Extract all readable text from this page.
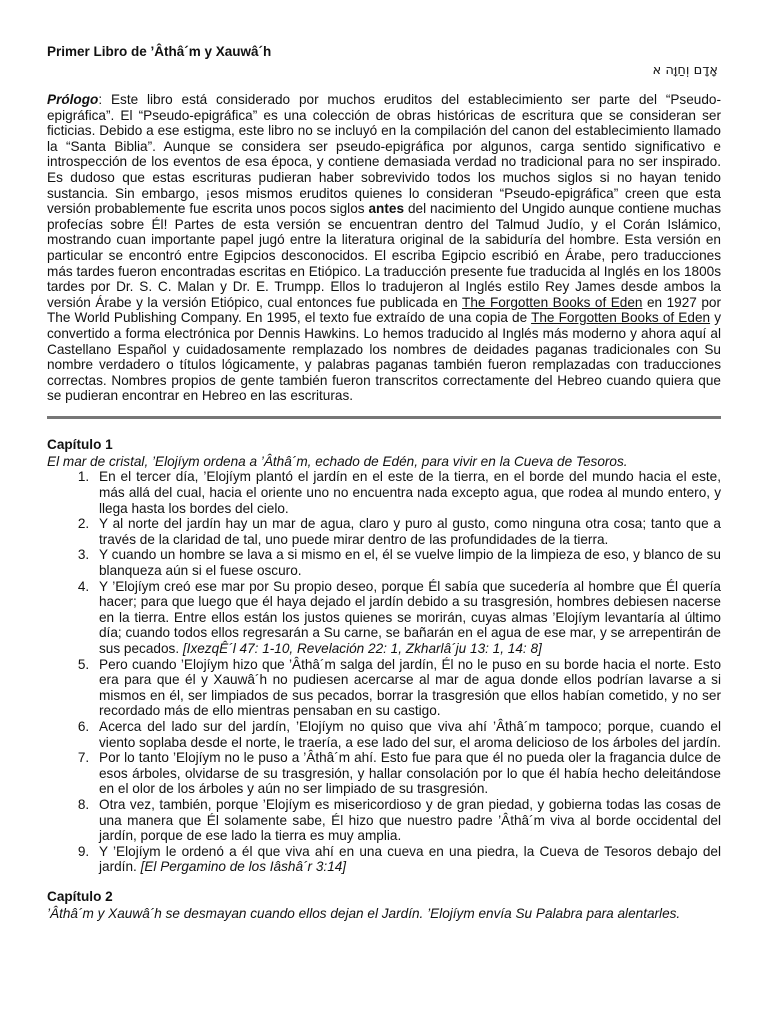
Primer Libro de ’Âthâ´m y Xauwâ´h

אָדָם וְחַוָּה א

Prólogo: Este libro está considerado por muchos eruditos del establecimiento ser parte del “Pseudo-epigráfica”. El “Pseudo-epigráfica” es una colección de obras históricas de escritura que se consideran ser ficticias. Debido a ese estigma, este libro no se incluyó en la compilación del canon del establecimiento llamado la “Santa Biblia”. Aunque se considera ser pseudo-epigráfica por algunos, carga sentido significativo e introspección de los eventos de esa época, y contiene demasiada verdad no tradicional para no ser inspirado. Es dudoso que estas escrituras pudieran haber sobrevivido todos los muchos siglos si no hayan tenido sustancia. Sin embargo, ¡esos mismos eruditos quienes lo consideran “Pseudo-epigráfica” creen que esta versión probablemente fue escrita unos pocos siglos antes del nacimiento del Ungido aunque contiene muchas profecías sobre Él! Partes de esta versión se encuentran dentro del Talmud Judío, y el Corán Islámico, mostrando cuan importante papel jugó entre la literatura original de la sabiduría del hombre. Esta versión en particular se encontró entre Egipcios desconocidos. El escriba Egipcio escribió en Árabe, pero traducciones más tardes fueron encontradas escritas en Etiópico. La traducción presente fue traducida al Inglés en los 1800s tardes por Dr. S. C. Malan y Dr. E. Trumpp. Ellos lo tradujeron al Inglés estilo Rey James desde ambos la versión Árabe y la versión Etiópico, cual entonces fue publicada en The Forgotten Books of Eden en 1927 por The World Publishing Company. En 1995, el texto fue extraído de una copia de The Forgotten Books of Eden y convertido a forma electrónica por Dennis Hawkins. Lo hemos traducido al Inglés más moderno y ahora aquí al Castellano Español y cuidadosamente remplazado los nombres de deidades paganas tradicionales con Su nombre verdadero o títulos lógicamente, y palabras paganas también fueron remplazadas con traducciones correctas. Nombres propios de gente también fueron transcritos correctamente del Hebreo cuando quiera que se pudieran encontrar en Hebreo en las escrituras.

Capítulo 1

El mar de cristal, ’Elojíym ordena a ’Âthâ´m, echado de Edén, para vivir en la Cueva de Tesoros.

1. En el tercer día, ’Elojíym plantó el jardín en el este de la tierra, en el borde del mundo hacia el este, más allá del cual, hacia el oriente uno no encuentra nada excepto agua, que rodea al mundo entero, y llega hasta los bordes del cielo.
2. Y al norte del jardín hay un mar de agua, claro y puro al gusto, como ninguna otra cosa; tanto que a través de la claridad de tal, uno puede mirar dentro de las profundidades de la tierra.
3. Y cuando un hombre se lava a si mismo en el, él se vuelve limpio de la limpieza de eso, y blanco de su blanqueza aún si el fuese oscuro.
4. Y ’Elojíym creó ese mar por Su propio deseo, porque Él sabía que sucedería al hombre que Él quería hacer; para que luego que él haya dejado el jardín debido a su trasgresión, hombres debiesen nacerse en la tierra. Entre ellos están los justos quienes se morirán, cuyas almas ’Elojíym levantaría al último día; cuando todos ellos regresarán a Su carne, se bañarán en el agua de ese mar, y se arrepentirán de sus pecados. [IxezqÊ´l 47: 1-10, Revelación 22: 1, Zkharlâ´ju 13: 1, 14: 8]
5. Pero cuando ’Elojíym hizo que ’Âthâ´m salga del jardín, Él no le puso en su borde hacia el norte. Esto era para que él y Xauwâ´h no pudiesen acercarse al mar de agua donde ellos podrían lavarse a si mismos en él, ser limpiados de sus pecados, borrar la trasgresión que ellos habían cometido, y no ser recordado más de ello mientras pensaban en su castigo.
6. Acerca del lado sur del jardín, ’Elojíym no quiso que viva ahí ’Âthâ´m tampoco; porque, cuando el viento soplaba desde el norte, le traería, a ese lado del sur, el aroma delicioso de los árboles del jardín.
7. Por lo tanto ’Elojíym no le puso a ’Âthâ´m ahí. Esto fue para que él no pueda oler la fragancia dulce de esos árboles, olvidarse de su trasgresión, y hallar consolación por lo que él había hecho deleitándose en el olor de los árboles y aún no ser limpiado de su trasgresión.
8. Otra vez, también, porque ’Elojíym es misericordioso y de gran piedad, y gobierna todas las cosas de una manera que Él solamente sabe, Él hizo que nuestro padre ’Âthâ´m viva al borde occidental del jardín, porque de ese lado la tierra es muy amplia.
9. Y ’Elojíym le ordenó a él que viva ahí en una cueva en una piedra, la Cueva de Tesoros debajo del jardín. [El Pergamino de los Iâshâ´r 3:14]

Capítulo 2

’Âthâ´m y Xauwâ´h se desmayan cuando ellos dejan el Jardín. ’Elojíym envía Su Palabra para alentarles.
